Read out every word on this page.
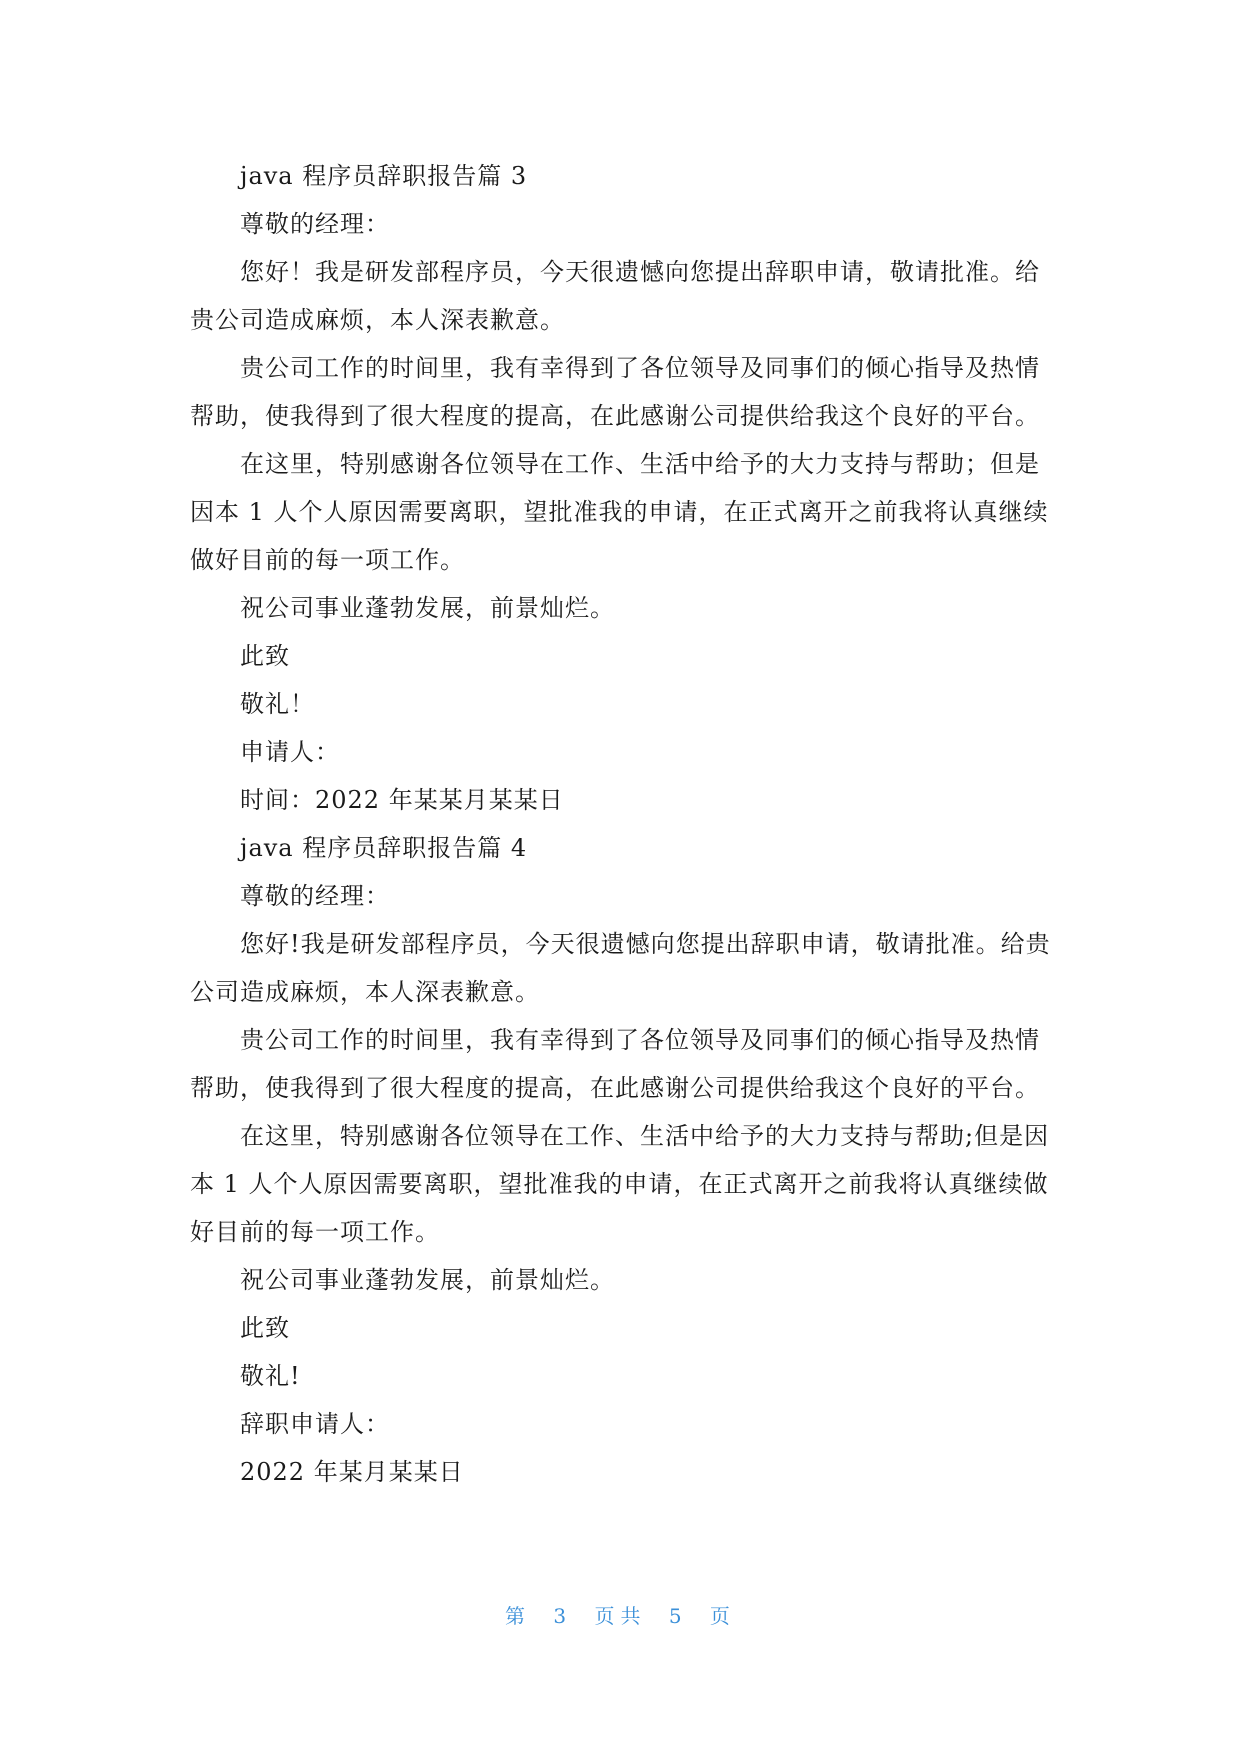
java 程序员辞职报告篇 3

尊敬的经理：

您好！我是研发部程序员，今天很遗憾向您提出辞职申请，敬请批准。给贵公司造成麻烦，本人深表歉意。

贵公司工作的时间里，我有幸得到了各位领导及同事们的倾心指导及热情帮助，使我得到了很大程度的提高，在此感谢公司提供给我这个良好的平台。

在这里，特别感谢各位领导在工作、生活中给予的大力支持与帮助；但是因本 1 人个人原因需要离职，望批准我的申请，在正式离开之前我将认真继续做好目前的每一项工作。

祝公司事业蓬勃发展，前景灿烂。

此致

敬礼！

申请人：

时间：2022 年某某月某某日

java 程序员辞职报告篇 4

尊敬的经理：

您好!我是研发部程序员，今天很遗憾向您提出辞职申请，敬请批准。给贵公司造成麻烦，本人深表歉意。

贵公司工作的时间里，我有幸得到了各位领导及同事们的倾心指导及热情帮助，使我得到了很大程度的提高，在此感谢公司提供给我这个良好的平台。

在这里，特别感谢各位领导在工作、生活中给予的大力支持与帮助;但是因本 1 人个人原因需要离职，望批准我的申请，在正式离开之前我将认真继续做好目前的每一项工作。

祝公司事业蓬勃发展，前景灿烂。

此致

敬礼!

辞职申请人：

2022 年某月某某日

第 3 页共 5 页
